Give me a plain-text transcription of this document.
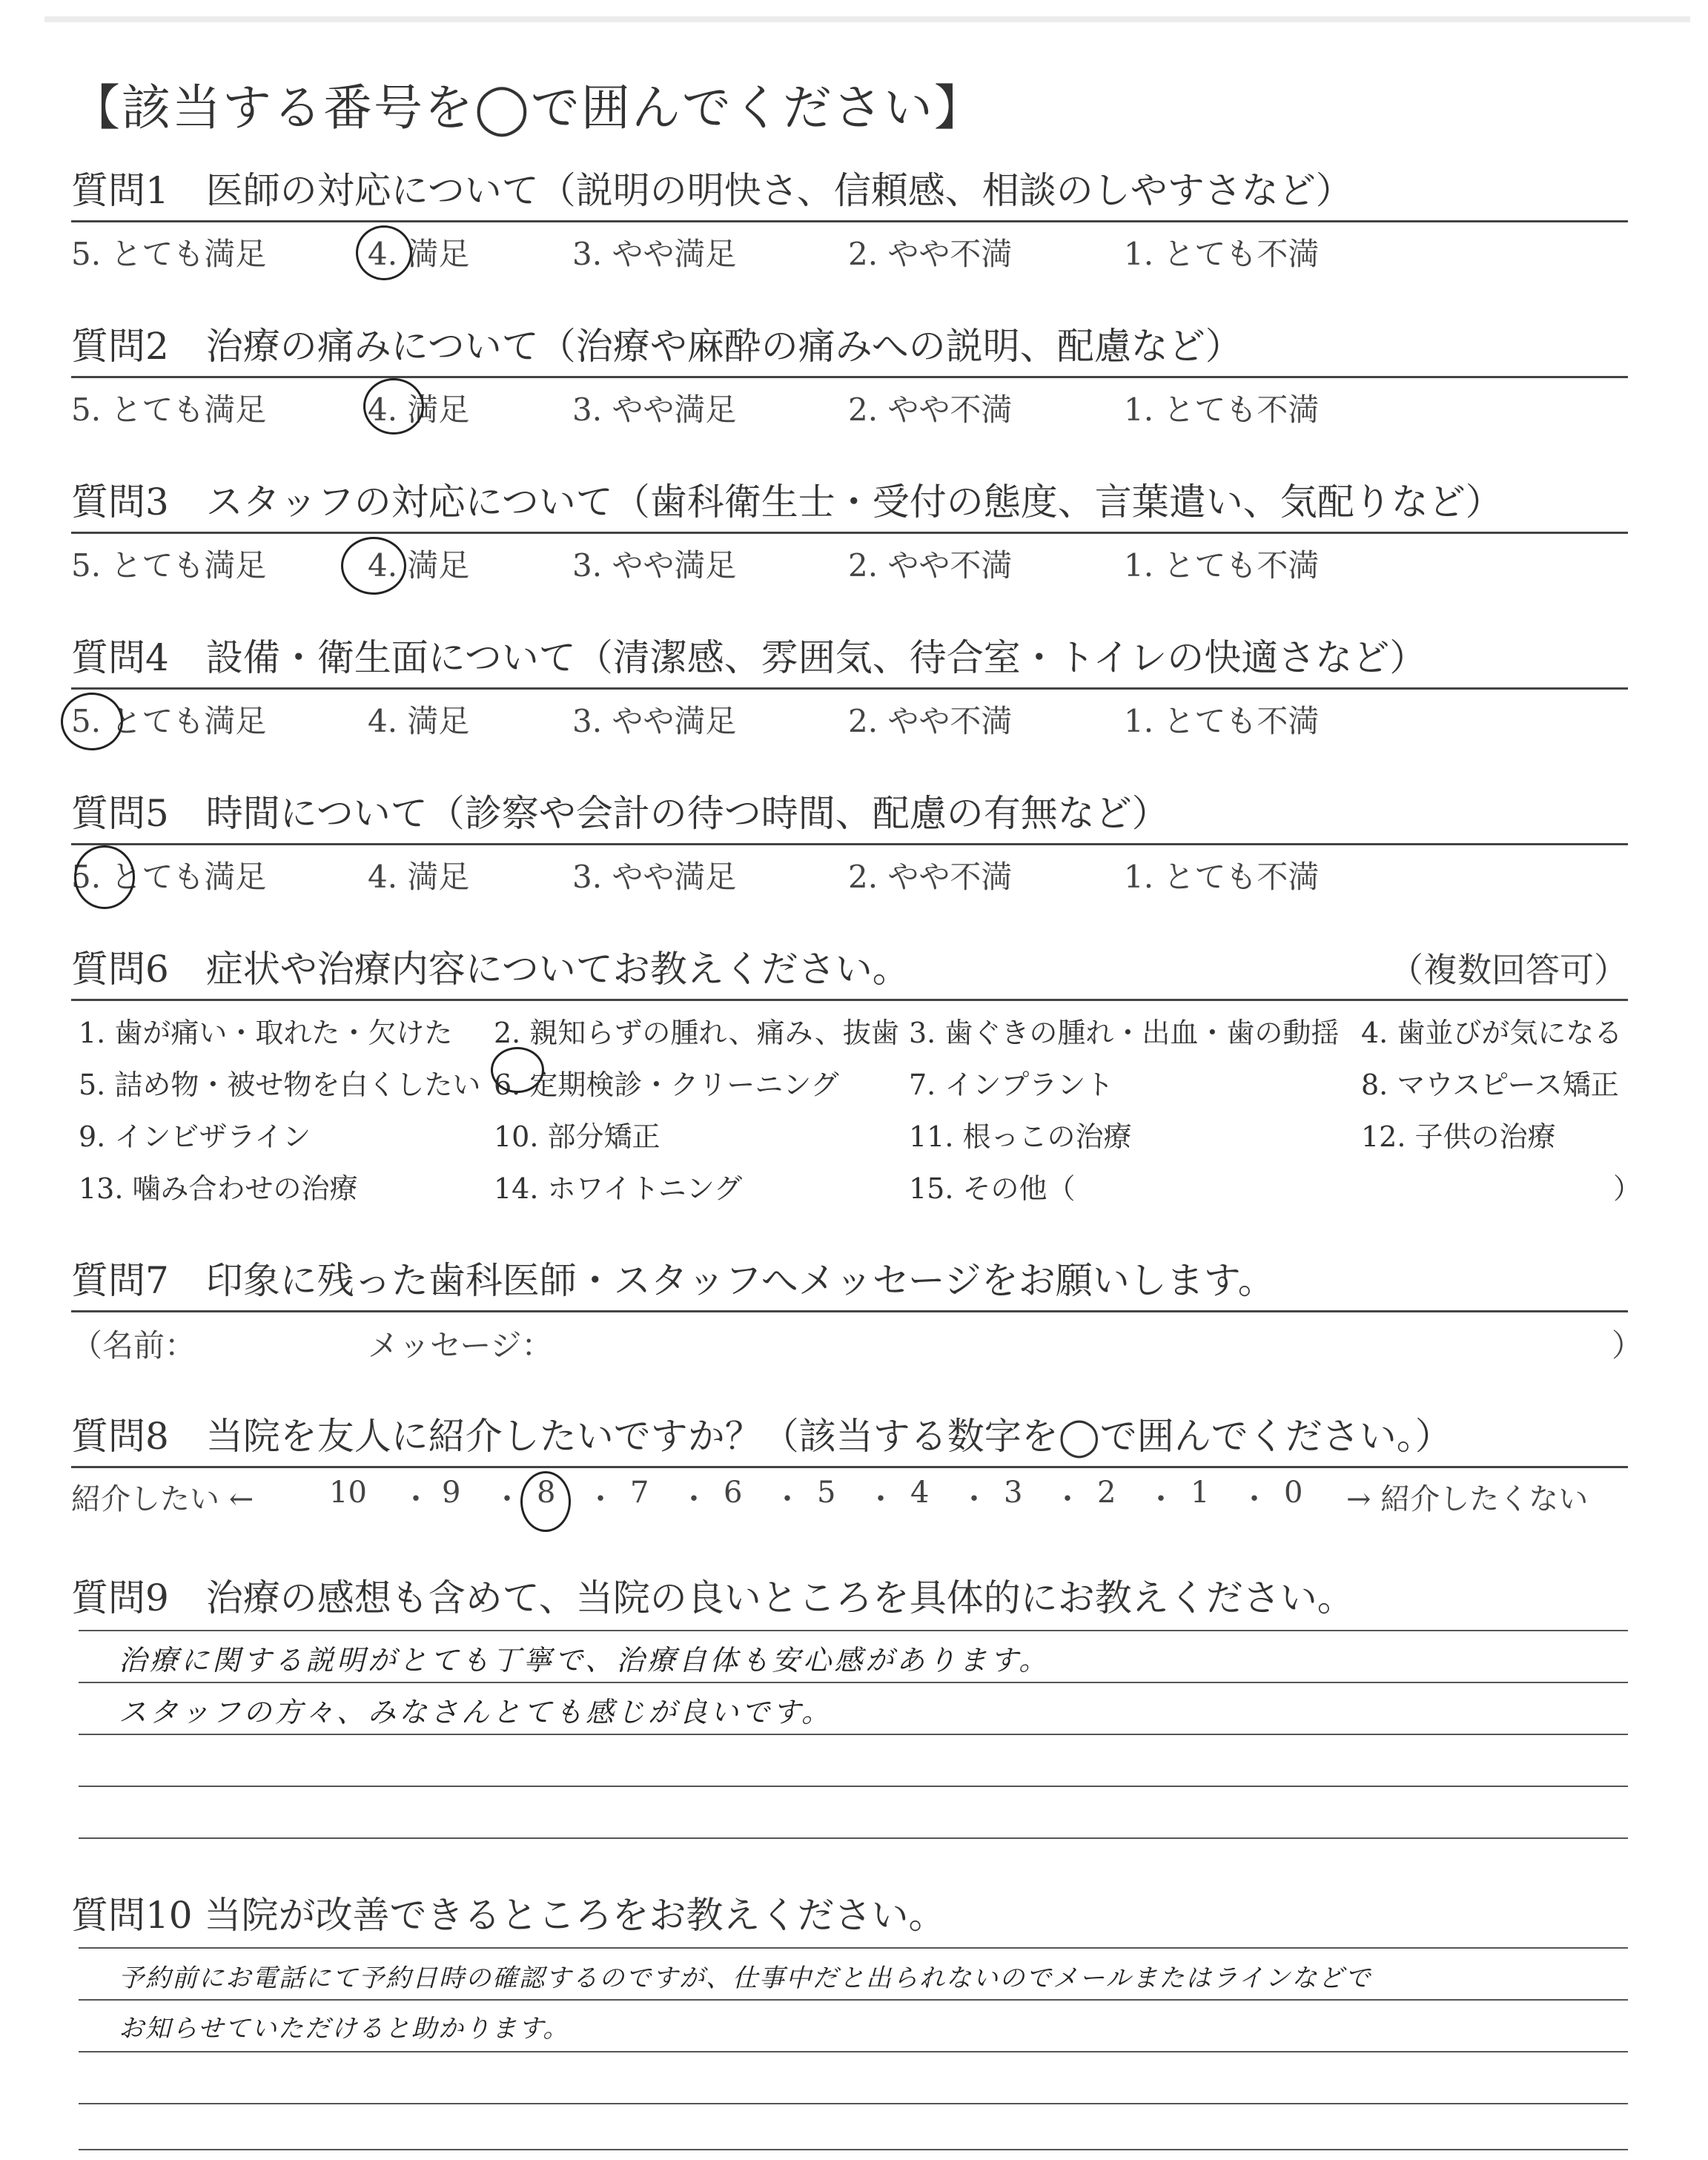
【該当する番号を◯で囲んでください】
質問1　医師の対応について（説明の明快さ、信頼感、相談のしやすさなど）
5. とても満足	4. 満足	3. やや満足	2. やや不満	1. とても不満
質問2　治療の痛みについて（治療や麻酔の痛みへの説明、配慮など）
5. とても満足	4. 満足	3. やや満足	2. やや不満	1. とても不満
質問3　スタッフの対応について（歯科衛生士・受付の態度、言葉遣い、気配りなど）
5. とても満足	4. 満足	3. やや満足	2. やや不満	1. とても不満
質問4　設備・衛生面について（清潔感、雰囲気、待合室・トイレの快適さなど）
5. とても満足	4. 満足	3. やや満足	2. やや不満	1. とても不満
質問5　時間について（診察や会計の待つ時間、配慮の有無など）
5. とても満足	4. 満足	3. やや満足	2. やや不満	1. とても不満
質問6　症状や治療内容についてお教えください。	（複数回答可）
1. 歯が痛い・取れた・欠けた 2. 親知らずの腫れ、痛み、抜歯 3. 歯ぐきの腫れ・出血・歯の動揺 4. 歯並びが気になる
5. 詰め物・被せ物を白くしたい 6. 定期検診・クリーニング 7. インプラント	8. マウスピース矯正
9. インビザライン	10. 部分矯正	11. 根っこの治療	12. 子供の治療
13. 噛み合わせの治療	14. ホワイトニング	15. その他（	）
質問7　印象に残った歯科医師・スタッフへメッセージをお願いします。
（名前：	メッセージ：	）
質問8　当院を友人に紹介したいですか？（該当する数字を◯で囲んでください。）
紹介したい ←	10 ・ 9 ・ 8 ・ 7 ・ 6 ・ 5 ・ 4 ・ 3 ・ 2 ・ 1 ・ 0 → 紹介したくない
質問9　治療の感想も含めて、当院の良いところを具体的にお教えください。
治療に関する説明がとても丁寧で、治療自体も安心感があります。
スタッフの方々、みなさんとても感じが良いです。
質問10 当院が改善できるところをお教えください。
予約前にお電話にて予約日時の確認するのですが、仕事中だと出られないのでメールまたはラインなどで
お知らせていただけると助かります。
